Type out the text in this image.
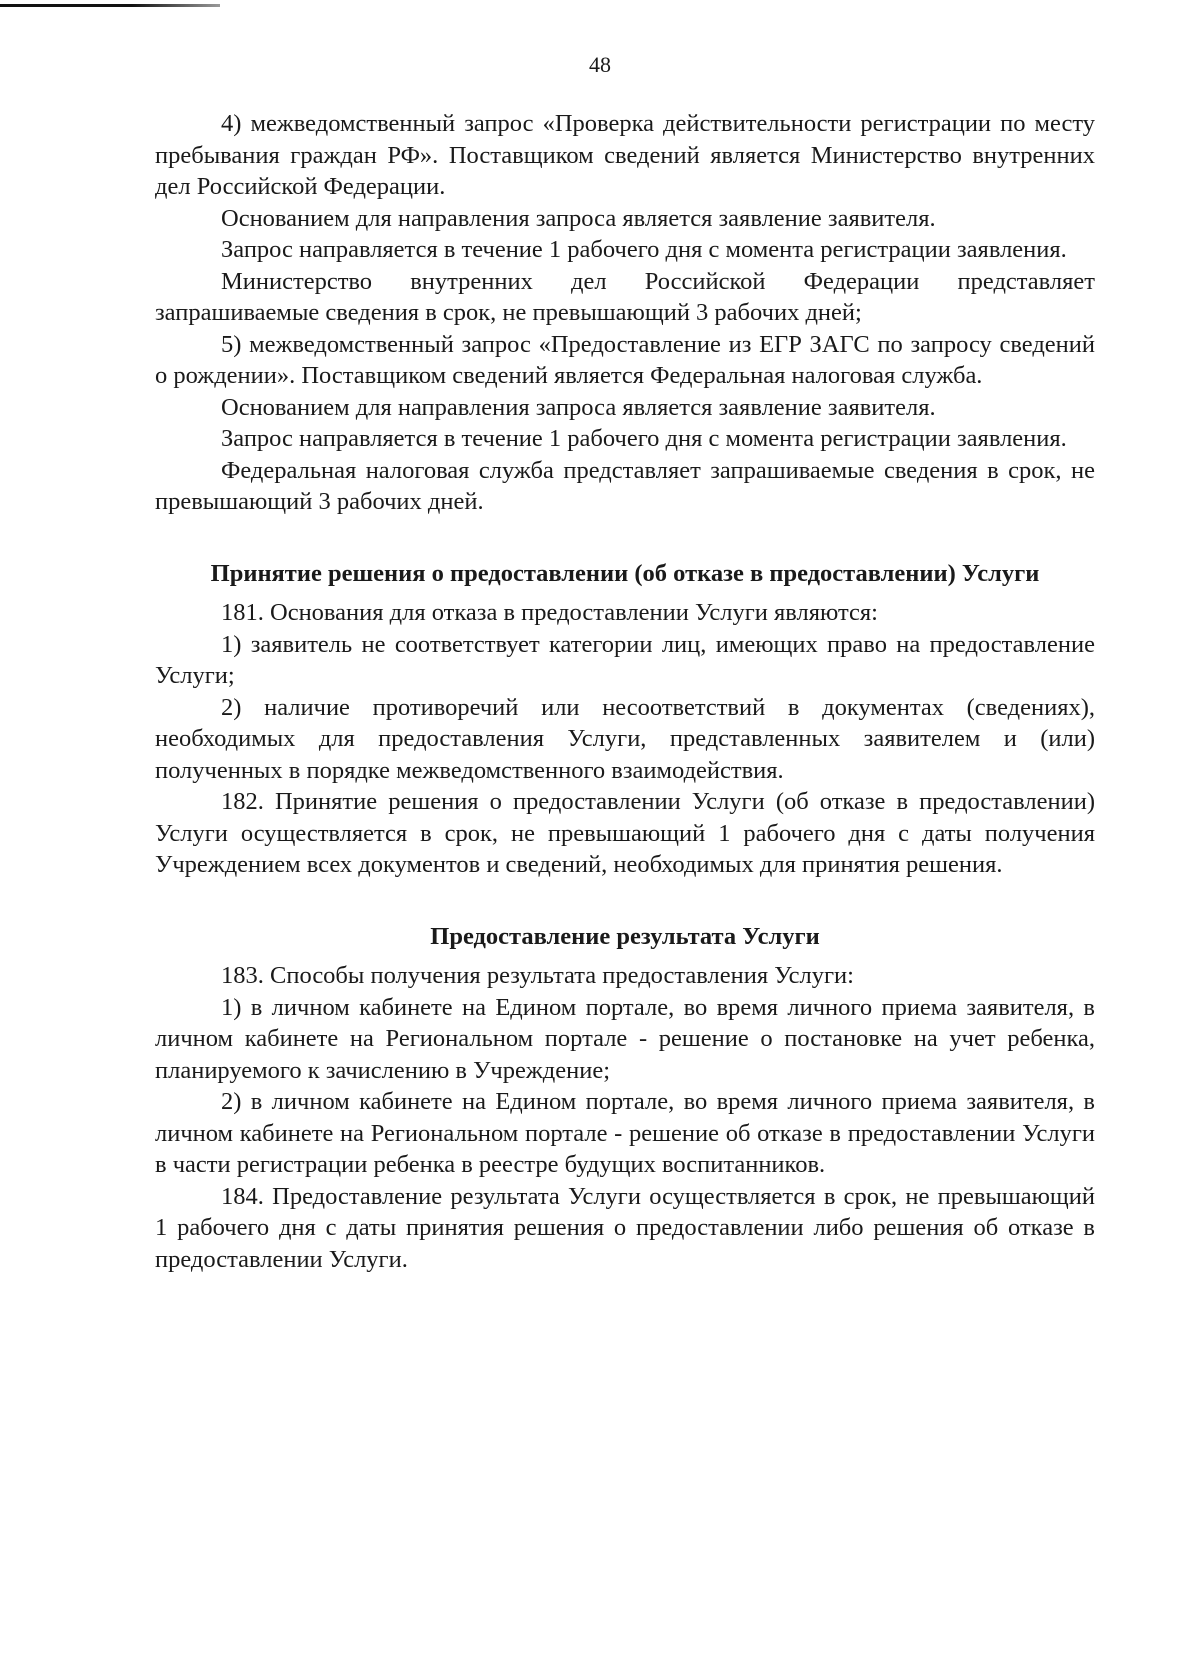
48

4) межведомственный запрос «Проверка действительности регистрации по месту пребывания граждан РФ». Поставщиком сведений является Министерство внутренних дел Российской Федерации.

Основанием для направления запроса является заявление заявителя.

Запрос направляется в течение 1 рабочего дня с момента регистрации заявления.

Министерство внутренних дел Российской Федерации представляет запрашиваемые сведения в срок, не превышающий 3 рабочих дней;

5) межведомственный запрос «Предоставление из ЕГР ЗАГС по запросу сведений о рождении». Поставщиком сведений является Федеральная налоговая служба.

Основанием для направления запроса является заявление заявителя.

Запрос направляется в течение 1 рабочего дня с момента регистрации заявления.

Федеральная налоговая служба представляет запрашиваемые сведения в срок, не превышающий 3 рабочих дней.

Принятие решения о предоставлении (об отказе в предоставлении) Услуги

181. Основания для отказа в предоставлении Услуги являются:

1) заявитель не соответствует категории лиц, имеющих право на предоставление Услуги;

2) наличие противоречий или несоответствий в документах (сведениях), необходимых для предоставления Услуги, представленных заявителем и (или) полученных в порядке межведомственного взаимодействия.

182. Принятие решения о предоставлении Услуги (об отказе в предоставлении) Услуги осуществляется в срок, не превышающий 1 рабочего дня с даты получения Учреждением всех документов и сведений, необходимых для принятия решения.

Предоставление результата Услуги

183. Способы получения результата предоставления Услуги:

1) в личном кабинете на Едином портале, во время личного приема заявителя, в личном кабинете на Региональном портале - решение о постановке на учет ребенка, планируемого к зачислению в Учреждение;

2) в личном кабинете на Едином портале, во время личного приема заявителя, в личном кабинете на Региональном портале - решение об отказе в предоставлении Услуги в части регистрации ребенка в реестре будущих воспитанников.

184. Предоставление результата Услуги осуществляется в срок, не превышающий 1 рабочего дня с даты принятия решения о предоставлении либо решения об отказе в предоставлении Услуги.
